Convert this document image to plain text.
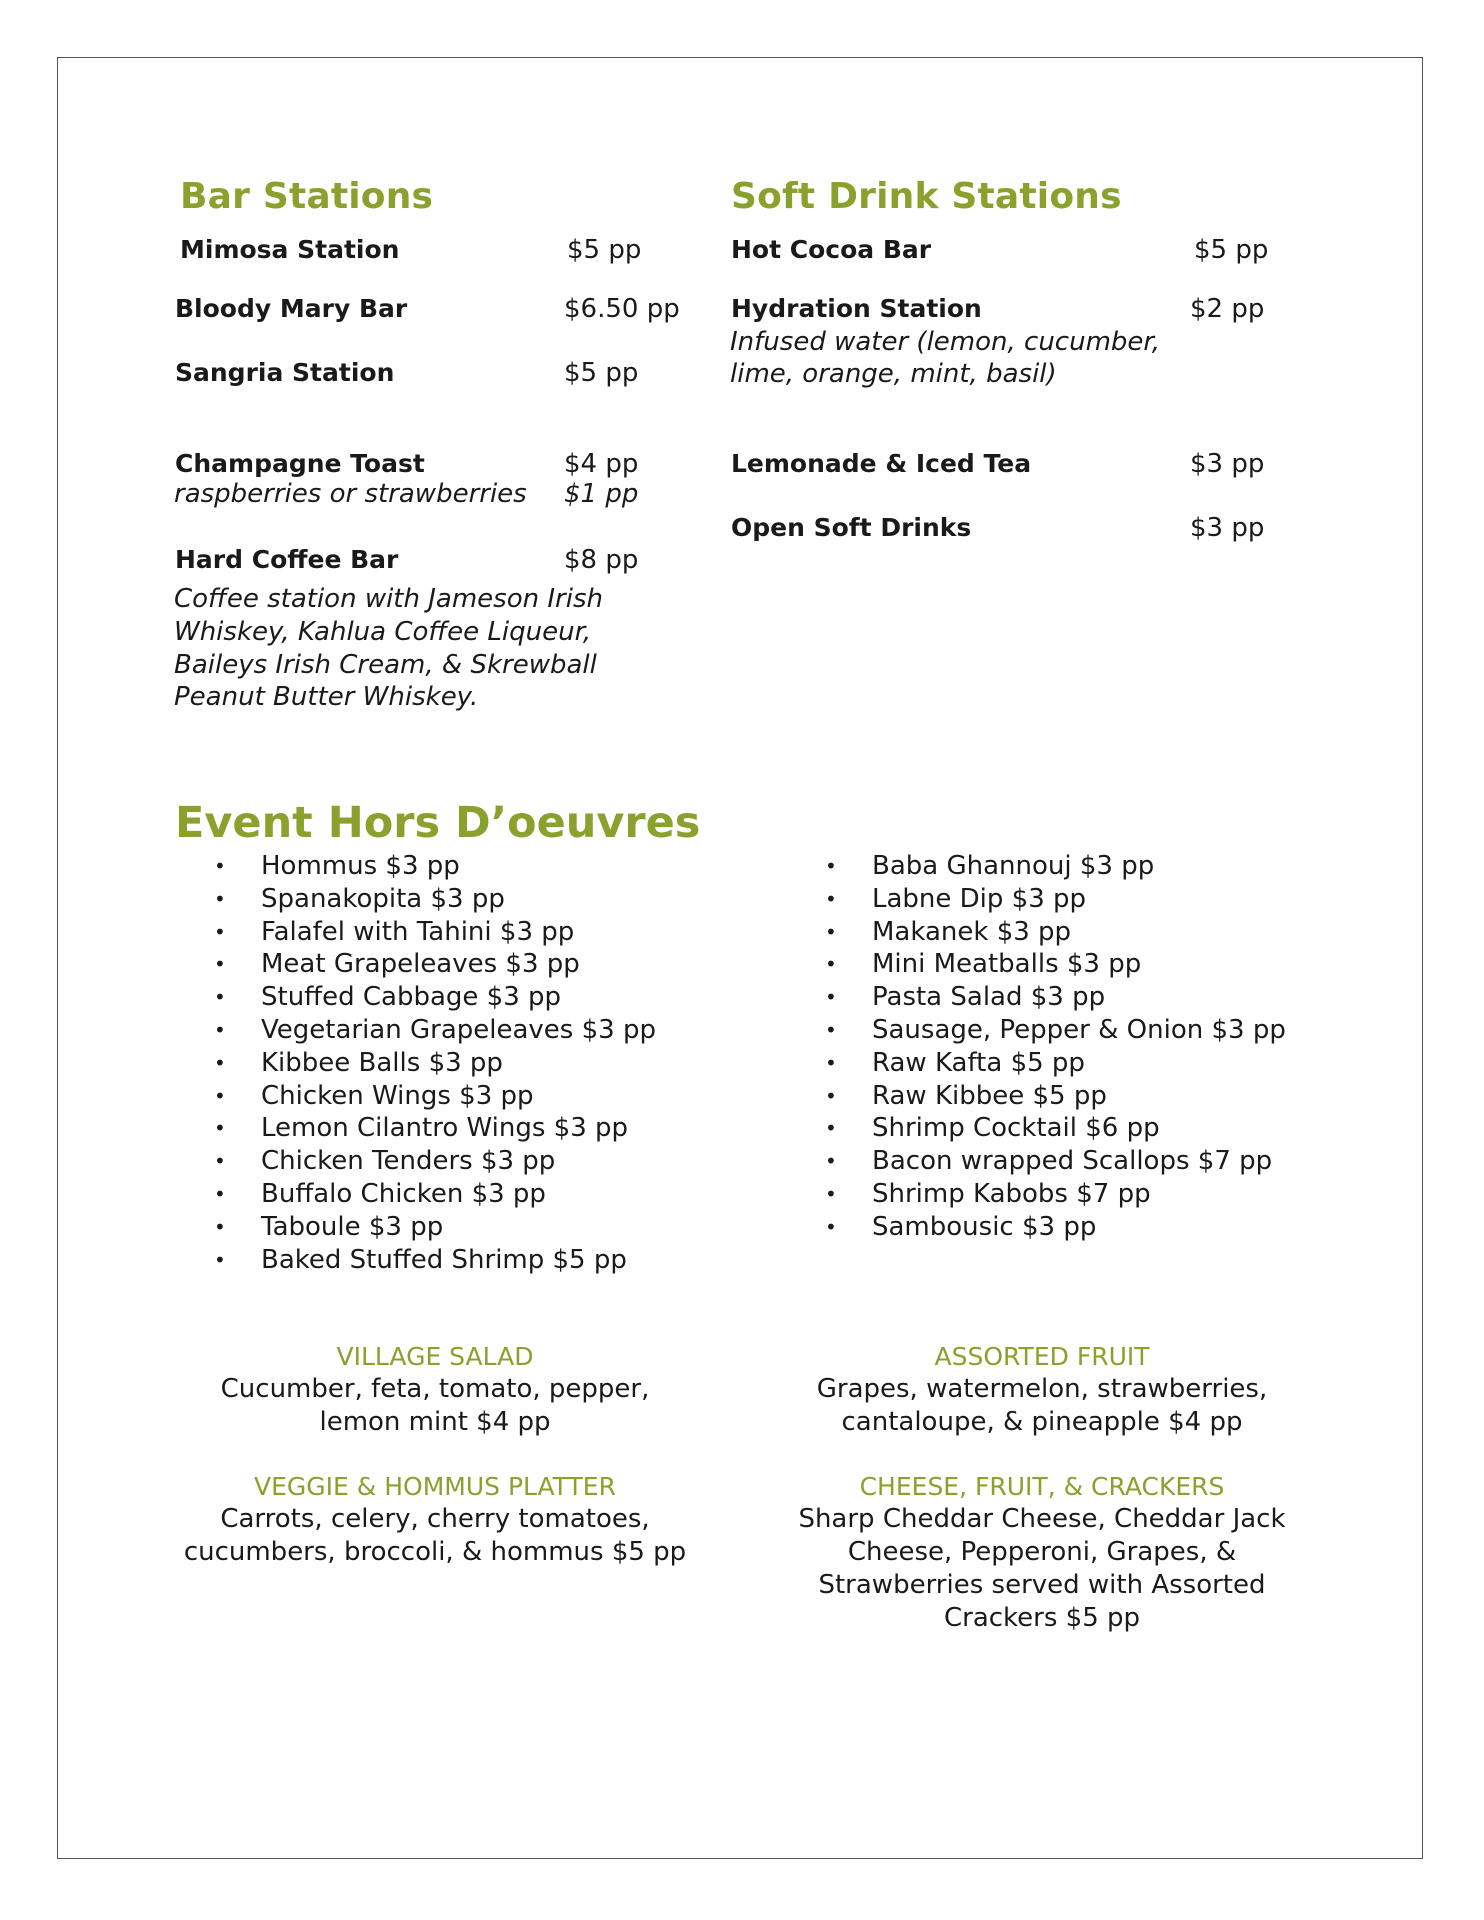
Bar Stations
Mimosa Station	$5 pp
Bloody Mary Bar	$6.50 pp
Sangria Station	$5 pp
Champagne Toast	$4 pp
raspberries or strawberries $1 pp
Hard Coffee Bar	$8 pp
Coffee station with Jameson Irish
Whiskey, Kahlua Coffee Liqueur,
Baileys Irish Cream, & Skrewball
Peanut Butter Whiskey.
Soft Drink Stations
Hot Cocoa Bar	$5 pp
Hydration Station	$2 pp
Infused water (lemon, cucumber,
lime, orange, mint, basil)
Lemonade & Iced Tea	$3 pp
Open Soft Drinks	$3 pp
Event Hors D’oeuvres
• Hommus $3 pp
• Spanakopita $3 pp
• Falafel with Tahini $3 pp
• Meat Grapeleaves $3 pp
• Stuffed Cabbage $3 pp
• Vegetarian Grapeleaves $3 pp
• Kibbee Balls $3 pp
• Chicken Wings $3 pp
• Lemon Cilantro Wings $3 pp
• Chicken Tenders $3 pp
• Buffalo Chicken $3 pp
• Taboule $3 pp
• Baked Stuffed Shrimp $5 pp
• Baba Ghannouj $3 pp
• Labne Dip $3 pp
• Makanek $3 pp
• Mini Meatballs $3 pp
• Pasta Salad $3 pp
• Sausage, Pepper & Onion $3 pp
• Raw Kafta $5 pp
• Raw Kibbee $5 pp
• Shrimp Cocktail $6 pp
• Bacon wrapped Scallops $7 pp
• Shrimp Kabobs $7 pp
• Sambousic $3 pp
VILLAGE SALAD
Cucumber, feta, tomato, pepper,
lemon mint $4 pp
ASSORTED FRUIT
Grapes, watermelon, strawberries,
cantaloupe, & pineapple $4 pp
VEGGIE & HOMMUS PLATTER
Carrots, celery, cherry tomatoes,
cucumbers, broccoli, & hommus $5 pp
CHEESE, FRUIT, & CRACKERS
Sharp Cheddar Cheese, Cheddar Jack
Cheese, Pepperoni, Grapes, &
Strawberries served with Assorted
Crackers $5 pp
